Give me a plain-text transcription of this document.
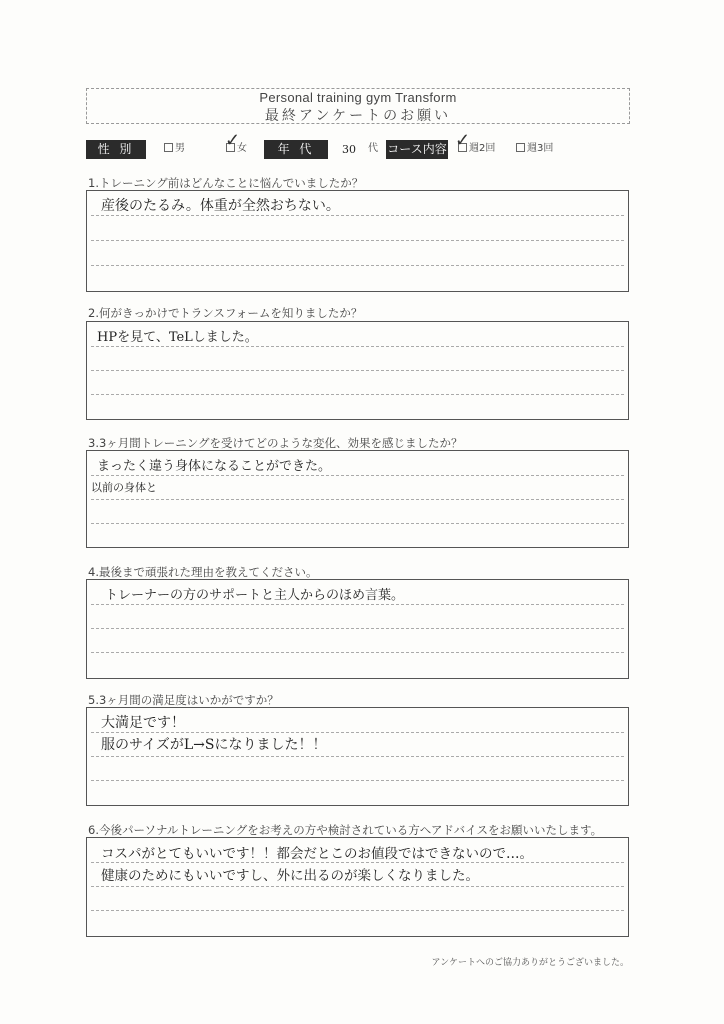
Personal training gym Transform
最終アンケートのお願い
性 別	男	女
✓	年 代	30 代 コース内容	週2回
✓	週3回
1.トレーニング前はどんなことに悩んでいましたか？
産後のたるみ。体重が全然おちない。
2.何がきっかけでトランスフォームを知りましたか？
HPを見て、TeLしました。
3.3ヶ月間トレーニングを受けてどのような変化、効果を感じましたか？
まったく違う身体になることができた。
以前の身体と
4.最後まで頑張れた理由を教えてください。
トレーナーの方のサポートと主人からのほめ言葉。
5.3ヶ月間の満足度はいかがですか？
大満足です！
服のサイズがL→Sになりました！！
6.今後パーソナルトレーニングをお考えの方や検討されている方へアドバイスをお願いいたします。
コスパがとてもいいです！！都会だとこのお値段ではできないので…。
健康のためにもいいですし、外に出るのが楽しくなりました。
アンケートへのご協力ありがとうございました。
